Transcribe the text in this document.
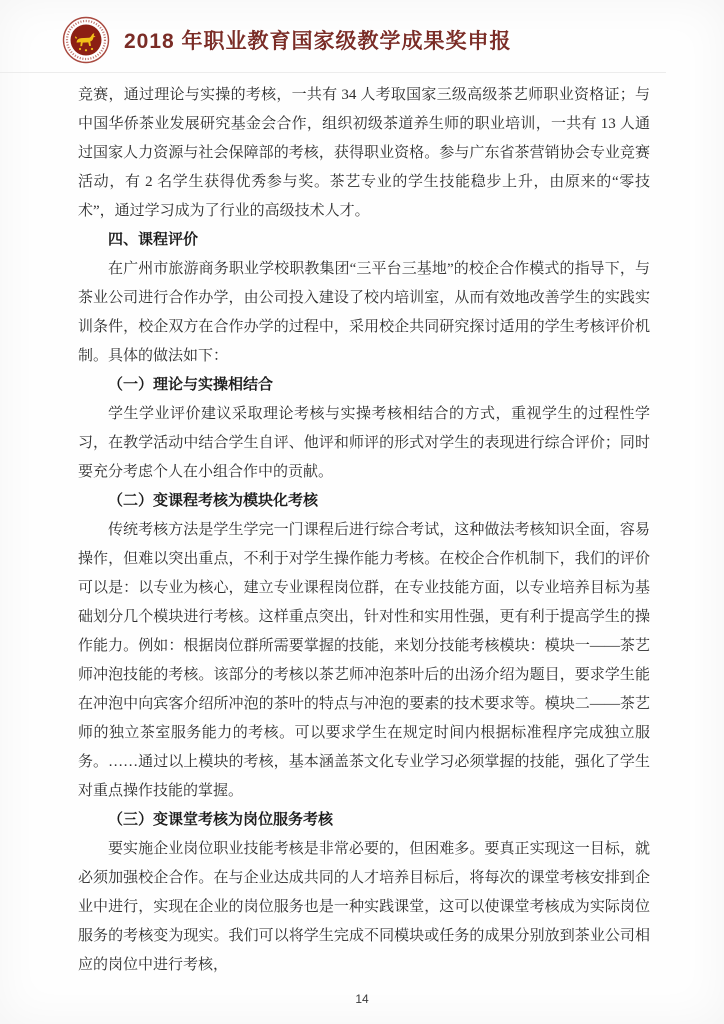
2018 年职业教育国家级教学成果奖申报

竞赛，通过理论与实操的考核，一共有 34 人考取国家三级高级茶艺师职业资格证；与中国华侨茶业发展研究基金会合作，组织初级茶道养生师的职业培训，一共有 13 人通过国家人力资源与社会保障部的考核，获得职业资格。参与广东省茶营销协会专业竞赛活动，有 2 名学生获得优秀参与奖。茶艺专业的学生技能稳步上升，由原来的“零技术”，通过学习成为了行业的高级技术人才。

四、课程评价

在广州市旅游商务职业学校职教集团“三平台三基地”的校企合作模式的指导下，与茶业公司进行合作办学，由公司投入建设了校内培训室，从而有效地改善学生的实践实训条件，校企双方在合作办学的过程中，采用校企共同研究探讨适用的学生考核评价机制。具体的做法如下：

（一）理论与实操相结合

学生学业评价建议采取理论考核与实操考核相结合的方式，重视学生的过程性学习，在教学活动中结合学生自评、他评和师评的形式对学生的表现进行综合评价；同时要充分考虑个人在小组合作中的贡献。

（二）变课程考核为模块化考核

传统考核方法是学生学完一门课程后进行综合考试，这种做法考核知识全面，容易操作，但难以突出重点，不利于对学生操作能力考核。在校企合作机制下，我们的评价可以是：以专业为核心，建立专业课程岗位群，在专业技能方面，以专业培养目标为基础划分几个模块进行考核。这样重点突出，针对性和实用性强，更有利于提高学生的操作能力。例如：根据岗位群所需要掌握的技能，来划分技能考核模块：模块一——茶艺师冲泡技能的考核。该部分的考核以茶艺师冲泡茶叶后的出汤介绍为题目，要求学生能在冲泡中向宾客介绍所冲泡的茶叶的特点与冲泡的要素的技术要求等。模块二——茶艺师的独立茶室服务能力的考核。可以要求学生在规定时间内根据标准程序完成独立服务。……通过以上模块的考核，基本涵盖茶文化专业学习必须掌握的技能，强化了学生对重点操作技能的掌握。

（三）变课堂考核为岗位服务考核

要实施企业岗位职业技能考核是非常必要的，但困难多。要真正实现这一目标，就必须加强校企合作。在与企业达成共同的人才培养目标后，将每次的课堂考核安排到企业中进行，实现在企业的岗位服务也是一种实践课堂，这可以使课堂考核成为实际岗位服务的考核变为现实。我们可以将学生完成不同模块或任务的成果分别放到茶业公司相应的岗位中进行考核，

14
